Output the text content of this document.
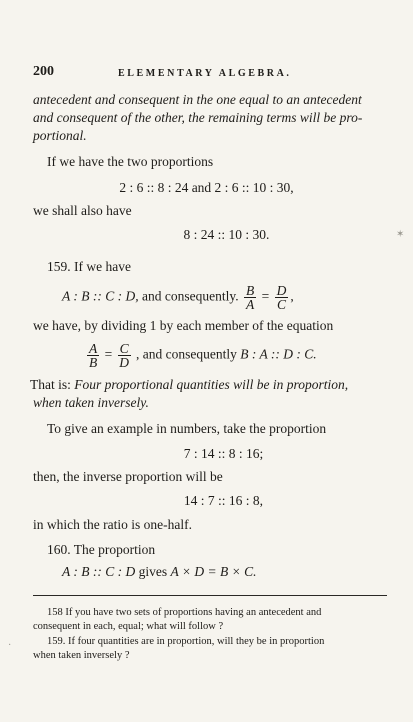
200	ELEMENTARY ALGEBRA.
antecedent and consequent in the one equal to an antecedent
and consequent of the other, the remaining terms will be pro-
portional.
If we have the two proportions
2 : 6 :: 8 : 24 and 2 : 6 :: 10 : 30,
we shall also have
8 : 24 :: 10 : 30.
159. If we have
A : B :: C : D, and consequently. $\frac{B}{A} = \frac{D}{C}$ ,
we have, by dividing 1 by each member of the equation
$\frac{A}{B} = \frac{C}{D}$ , and consequently B : A :: D : C.
That is: Four proportional quantities will be in proportion,
when taken inversely.
To give an example in numbers, take the proportion
7 : 14 :: 8 : 16;
then, the inverse proportion will be
14 : 7 :: 16 : 8,
in which the ratio is one-half.
160. The proportion
A : B :: C : D gives A × D = B × C.
158 If you have two sets of proportions having an antecedent and
consequent in each, equal; what will follow ?
159. If four quantities are in proportion, will they be in proportion
when taken inversely ?
✶
·
